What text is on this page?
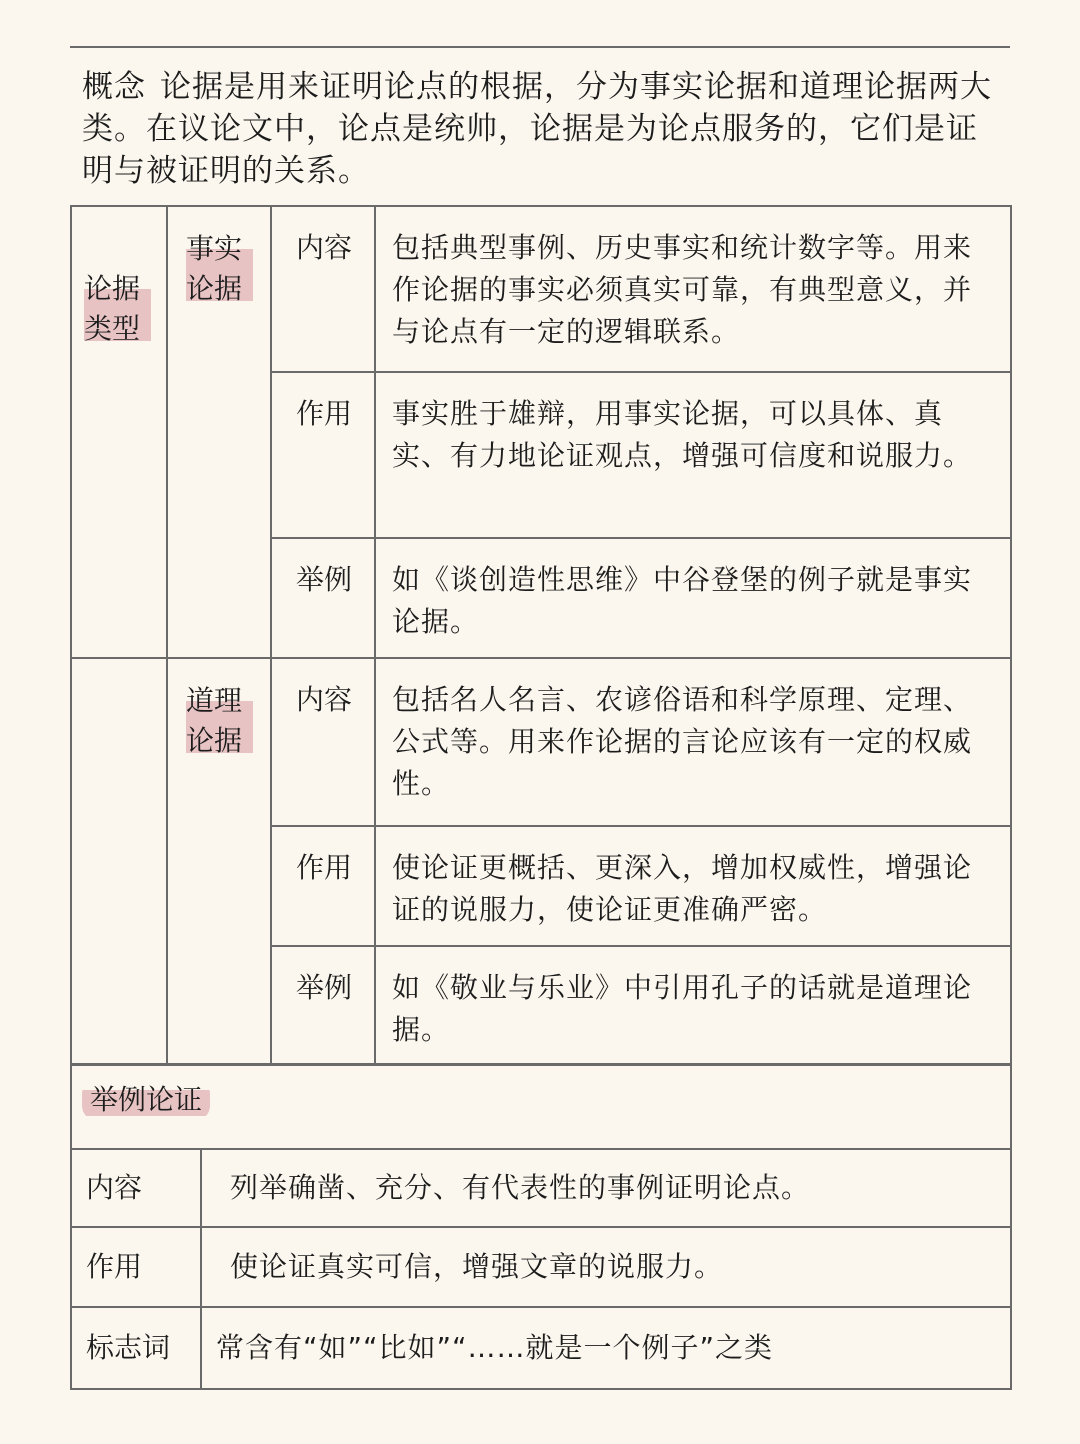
概念 论据是用来证明论点的根据，分为事实论据和道理论据两大类。在议论文中，论点是统帅，论据是为论点服务的，它们是证明与被证明的关系。
论据类型	事实论据	内容	包括典型事例、历史事实和统计数字等。用来作论据的事实必须真实可靠，有典型意义，并与论点有一定的逻辑联系。
		作用	事实胜于雄辩，用事实论据，可以具体、真实、有力地论证观点，增强可信度和说服力。
		举例	如《谈创造性思维》中谷登堡的例子就是事实论据。
	道理论据	内容	包括名人名言、农谚俗语和科学原理、定理、公式等。用来作论据的言论应该有一定的权威性。
		作用	使论证更概括、更深入，增加权威性，增强论证的说服力，使论证更准确严密。
		举例	如《敬业与乐业》中引用孔子的话就是道理论据。
举例论证	
内容	列举确凿、充分、有代表性的事例证明论点。
作用	使论证真实可信，增强文章的说服力。
标志词	常含有“如”“比如”“……就是一个例子”之类
